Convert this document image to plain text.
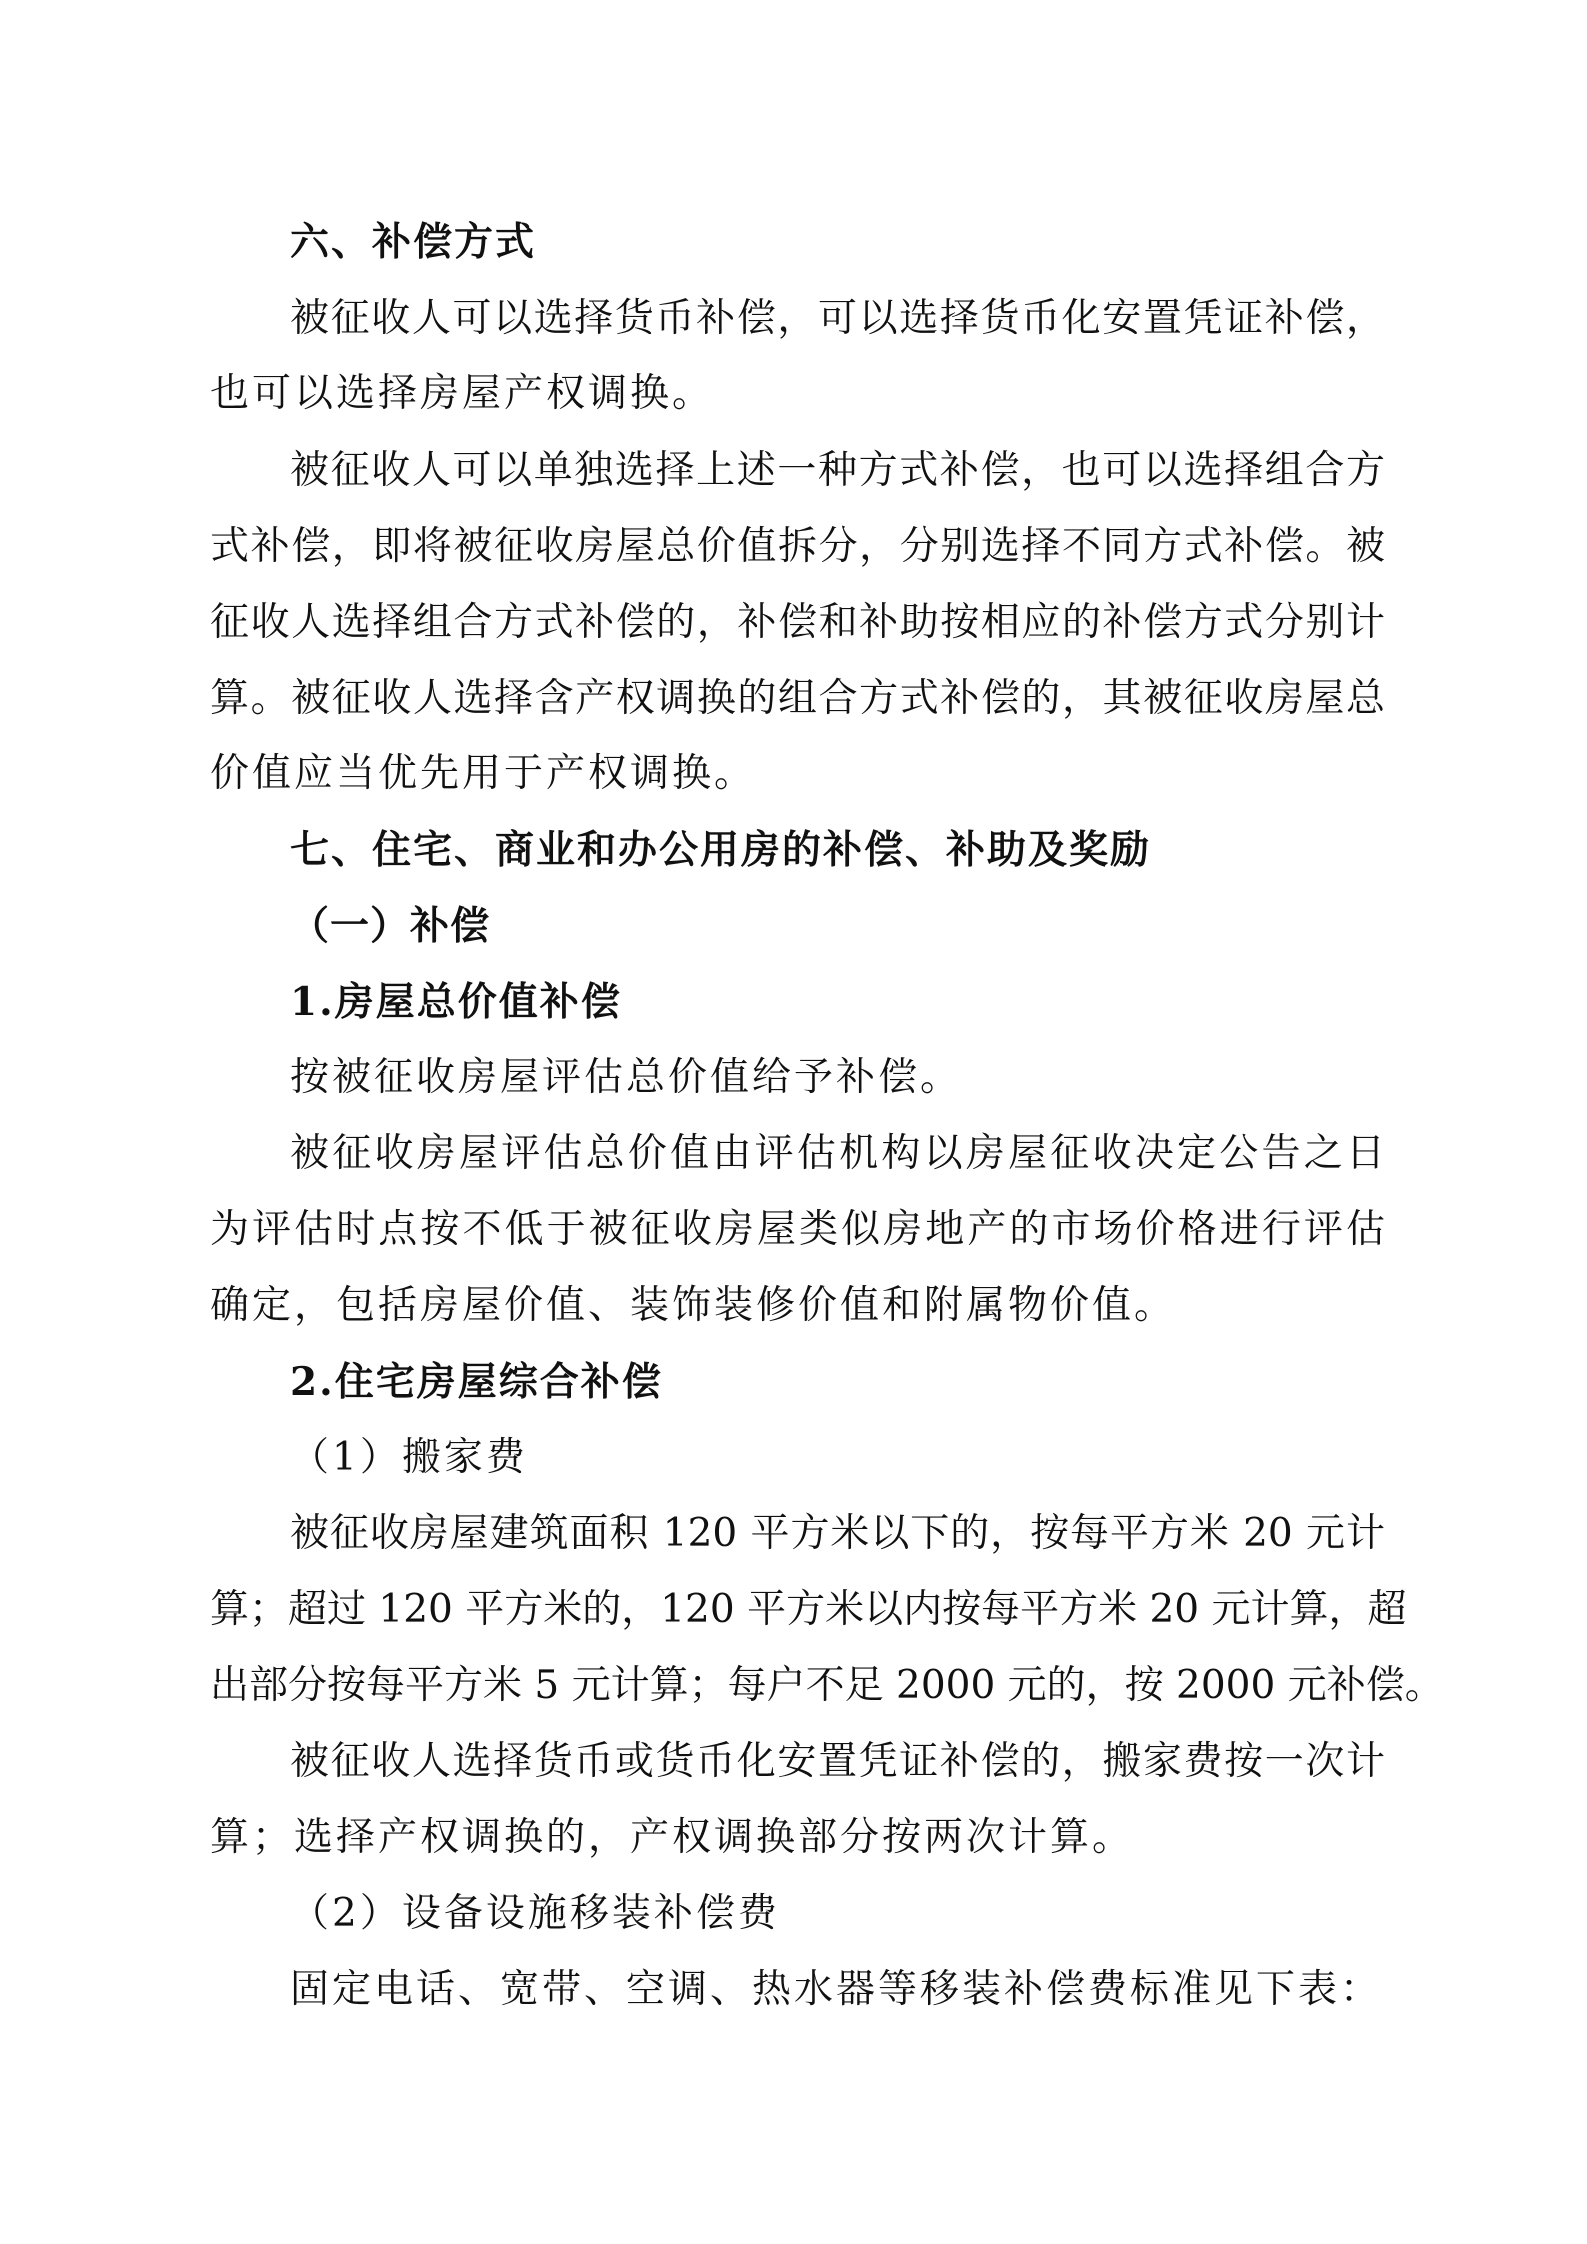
六、补偿方式
被征收人可以选择货币补偿，可以选择货币化安置凭证补偿，
也可以选择房屋产权调换。
被征收人可以单独选择上述一种方式补偿，也可以选择组合方
式补偿，即将被征收房屋总价值拆分，分别选择不同方式补偿。被
征收人选择组合方式补偿的，补偿和补助按相应的补偿方式分别计
算。被征收人选择含产权调换的组合方式补偿的，其被征收房屋总
价值应当优先用于产权调换。
七、住宅、商业和办公用房的补偿、补助及奖励
（一）补偿
1.房屋总价值补偿
按被征收房屋评估总价值给予补偿。
被征收房屋评估总价值由评估机构以房屋征收决定公告之日
为评估时点按不低于被征收房屋类似房地产的市场价格进行评估
确定，包括房屋价值、装饰装修价值和附属物价值。
2.住宅房屋综合补偿
（1）搬家费
被征收房屋建筑面积 120 平方米以下的，按每平方米 20 元计
算；超过 120 平方米的，120 平方米以内按每平方米 20 元计算，超
出部分按每平方米 5 元计算；每户不足 2000 元的，按 2000 元补偿。
被征收人选择货币或货币化安置凭证补偿的，搬家费按一次计
算；选择产权调换的，产权调换部分按两次计算。
（2）设备设施移装补偿费
固定电话、宽带、空调、热水器等移装补偿费标准见下表：
